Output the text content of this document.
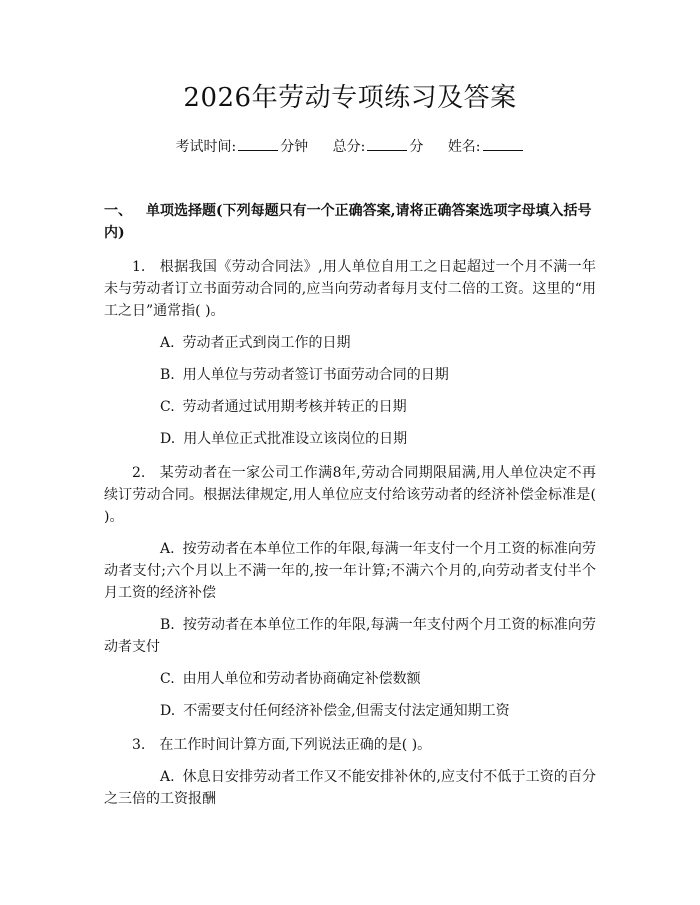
2026年劳动专项练习及答案
考试时间:	分钟 总分:	分 姓名:
一、 单项选择题(下列每题只有一个正确答案,请将正确答案选项字母填入括号内)
1. 根据我国《劳动合同法》,用人单位自用工之日起超过一个月不满一年未与劳动者订立书面劳动合同的,应当向劳动者每月支付二倍的工资。这里的“用工之日”通常指( )。
A. 劳动者正式到岗工作的日期
B. 用人单位与劳动者签订书面劳动合同的日期
C. 劳动者通过试用期考核并转正的日期
D. 用人单位正式批准设立该岗位的日期
2. 某劳动者在一家公司工作满8年,劳动合同期限届满,用人单位决定不再续订劳动合同。根据法律规定,用人单位应支付给该劳动者的经济补偿金标准是( )。
A. 按劳动者在本单位工作的年限,每满一年支付一个月工资的标准向劳动者支付;六个月以上不满一年的,按一年计算;不满六个月的,向劳动者支付半个月工资的经济补偿
B. 按劳动者在本单位工作的年限,每满一年支付两个月工资的标准向劳动者支付
C. 由用人单位和劳动者协商确定补偿数额
D. 不需要支付任何经济补偿金,但需支付法定通知期工资
3. 在工作时间计算方面,下列说法正确的是( )。
A. 休息日安排劳动者工作又不能安排补休的,应支付不低于工资的百分之三倍的工资报酬
